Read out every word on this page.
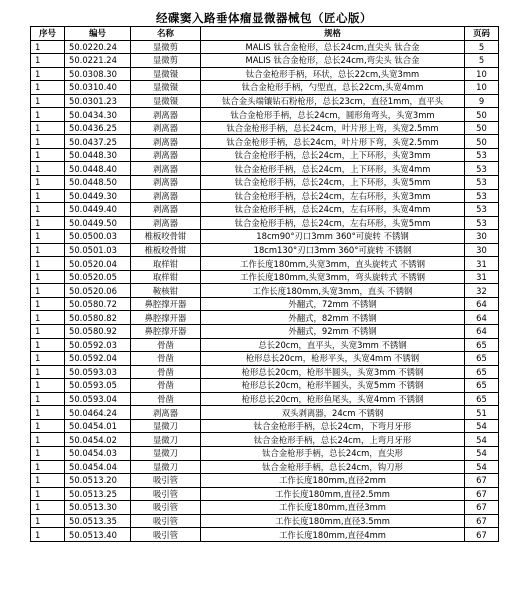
经碟窦入路垂体瘤显微器械包（匠心版）
序号	编号	名称	规格	页码
1	50.0220.24	显微剪	MALIS 钛合金枪形，总长24cm,直尖头 钛合金	5
1	50.0221.24	显微剪	MALIS 钛合金枪形，总长24cm,弯尖头 钛合金	5
1	50.0308.30	显微镊	钛合金枪形手柄，环状，总长22cm,头宽3mm	10
1	50.0310.40	显微镊	钛合金枪形手柄，勺型直，总长22cm,头宽4mm	10
1	50.0301.23	显微镊	钛合金头端镶钻石粉枪形，总长23cm，直径1mm，直平头	9
1	50.0434.30	剥离器	钛合金枪形手柄，总长24cm，圆形角弯头，头宽3mm	50
1	50.0436.25	剥离器	钛合金枪形手柄，总长24cm，叶片形上弯，头宽2.5mm	50
1	50.0437.25	剥离器	钛合金枪形手柄，总长24cm，叶片形下弯，头宽2.5mm	50
1	50.0448.30	剥离器	钛合金枪形手柄，总长24cm，上下环形，头宽3mm	53
1	50.0448.40	剥离器	钛合金枪形手柄，总长24cm，上下环形，头宽4mm	53
1	50.0448.50	剥离器	钛合金枪形手柄，总长24cm，上下环形，头宽5mm	53
1	50.0449.30	剥离器	钛合金枪形手柄，总长24cm，左右环形，头宽3mm	53
1	50.0449.40	剥离器	钛合金枪形手柄，总长24cm，左右环形，头宽4mm	53
1	50.0449.50	剥离器	钛合金枪形手柄，总长24cm，左右环形，头宽5mm	53
1	50.0500.03	椎板咬骨钳	18cm90°刃口3mm 360°可旋转 不锈钢	30
1	50.0501.03	椎板咬骨钳	18cm130°刃口3mm 360°可旋转 不锈钢	30
1	50.0520.04	取样钳	工作长度180mm,头宽3mm，直头旋转式 不锈钢	31
1	50.0520.05	取样钳	工作长度180mm,头宽3mm，弯头旋转式 不锈钢	31
1	50.0520.06	鞍核钳	工作长度180mm,头宽3mm，直头 不锈钢	32
1	50.0580.72	鼻腔撑开器	外翻式，72mm 不锈钢	64
1	50.0580.82	鼻腔撑开器	外翻式，82mm 不锈钢	64
1	50.0580.92	鼻腔撑开器	外翻式，92mm 不锈钢	64
1	50.0592.03	骨凿	总长20cm，直平头，头宽3mm 不锈钢	65
1	50.0592.04	骨凿	枪形总长20cm，枪形平头，头宽4mm 不锈钢	65
1	50.0593.03	骨凿	枪形总长20cm，枪形半圆头，头宽3mm 不锈钢	65
1	50.0593.05	骨凿	枪形总长20cm，枪形半圆头，头宽5mm 不锈钢	65
1	50.0593.04	骨凿	枪形总长20cm，枪形鱼尾头，头宽4mm 不锈钢	65
1	50.0464.24	剥离器	双头剥离器，24cm 不锈钢	51
1	50.0454.01	显微刀	钛合金枪形手柄，总长24cm，下弯月牙形	54
1	50.0454.02	显微刀	钛合金枪形手柄，总长24cm，上弯月牙形	54
1	50.0454.03	显微刀	钛合金枪形手柄，总长24cm，直尖形	54
1	50.0454.04	显微刀	钛合金枪形手柄，总长24cm，钩刀形	54
1	50.0513.20	吸引管	工作长度180mm,直径2mm	67
1	50.0513.25	吸引管	工作长度180mm,直径2.5mm	67
1	50.0513.30	吸引管	工作长度180mm,直径3mm	67
1	50.0513.35	吸引管	工作长度180mm,直径3.5mm	67
1	50.0513.40	吸引管	工作长度180mm,直径4mm	67
